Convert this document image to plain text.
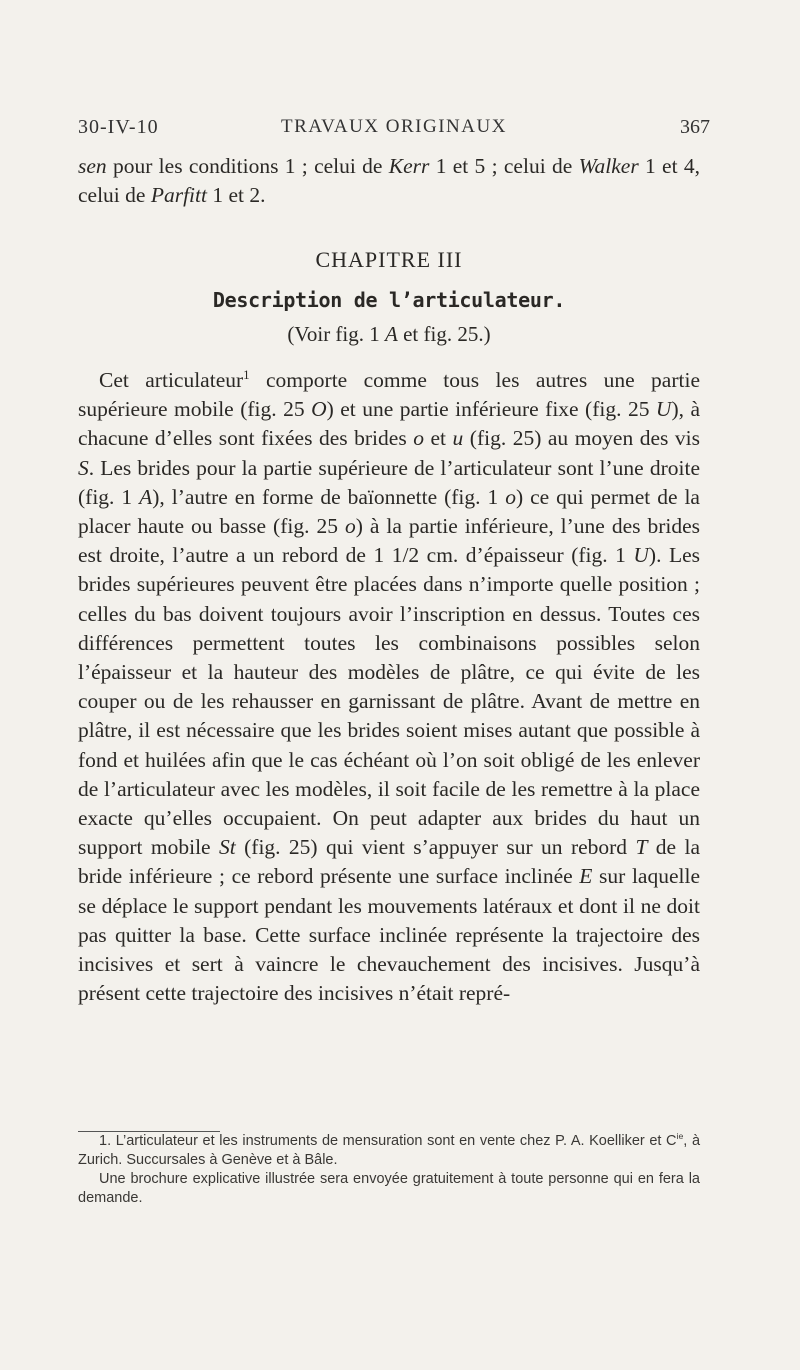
30-IV-10	TRAVAUX ORIGINAUX	367

sen pour les conditions 1 ; celui de Kerr 1 et 5 ; celui de Walker 1 et 4, celui de Parfitt 1 et 2.

CHAPITRE III
Description de l’articulateur.
(Voir fig. 1 A et fig. 25.)

Cet articulateur$^1$ comporte comme tous les autres une partie supérieure mobile (fig. 25 O) et une partie inférieure fixe (fig. 25 U), à chacune d’elles sont fixées des brides o et u (fig. 25) au moyen des vis S. Les brides pour la partie supérieure de l’articulateur sont l’une droite (fig. 1 A), l’autre en forme de baïonnette (fig. 1 o) ce qui permet de la placer haute ou basse (fig. 25 o) à la partie inférieure, l’une des brides est droite, l’autre a un rebord de 1 1/2 cm. d’épaisseur (fig. 1 U). Les brides supérieures peuvent être placées dans n’importe quelle position ; celles du bas doivent toujours avoir l’inscription en dessus. Toutes ces différences permettent toutes les combinaisons possibles selon l’épaisseur et la hauteur des modèles de plâtre, ce qui évite de les couper ou de les rehausser en garnissant de plâtre. Avant de mettre en plâtre, il est nécessaire que les brides soient mises autant que possible à fond et huilées afin que le cas échéant où l’on soit obligé de les enlever de l’articulateur avec les modèles, il soit facile de les remettre à la place exacte qu’elles occupaient. On peut adapter aux brides du haut un support mobile St (fig. 25) qui vient s’appuyer sur un rebord T de la bride inférieure ; ce rebord présente une surface inclinée E sur laquelle se déplace le support pendant les mouvements latéraux et dont il ne doit pas quitter la base. Cette surface inclinée représente la trajectoire des incisives et sert à vaincre le chevauchement des incisives. Jusqu’à présent cette trajectoire des incisives n’était repré-

1. L’articulateur et les instruments de mensuration sont en vente chez P. A. Koelliker et $C^{ie}$, à Zurich. Succursales à Genève et à Bâle.

Une brochure explicative illustrée sera envoyée gratuitement à toute personne qui en fera la demande.
